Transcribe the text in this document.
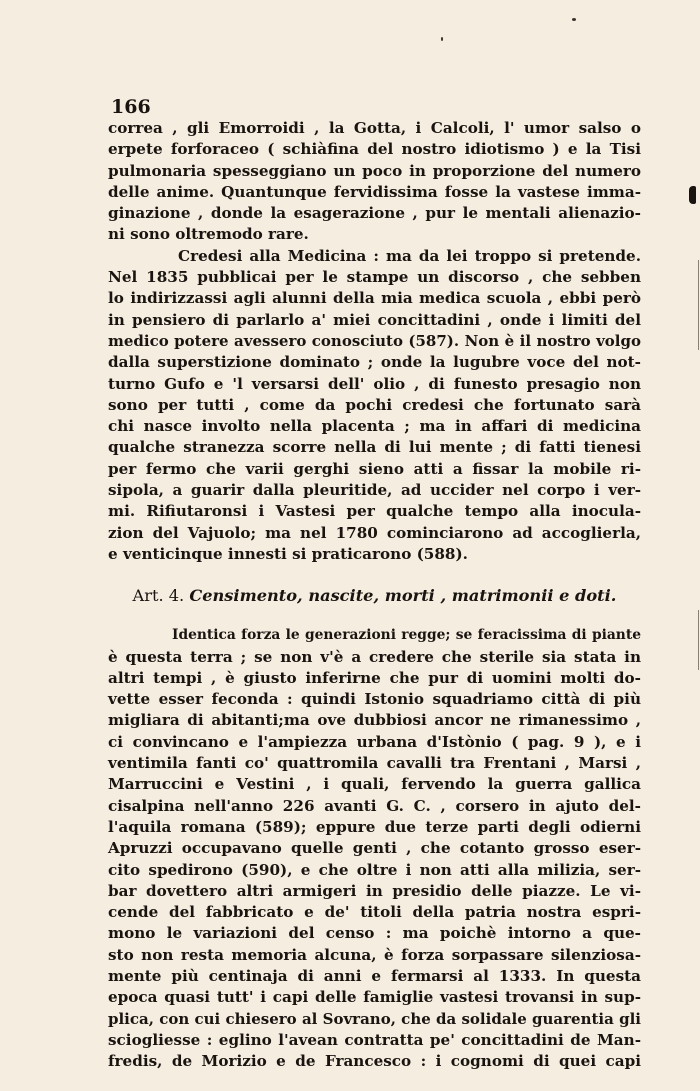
166
correa , gli Emorroidi , la Gotta, i Calcoli, l' umor salso o
erpete forforaceo ( schiàfina del nostro idiotismo ) e la Tisi
pulmonaria spesseggiano un poco in proporzione del numero
delle anime. Quantunque fervidissima fosse la vastese imma-
ginazione , donde la esagerazione , pur le mentali alienazio-
ni sono oltremodo rare.
Credesi alla Medicina : ma da lei troppo si pretende.
Nel 1835 pubblicai per le stampe un discorso , che sebben
lo indirizzassi agli alunni della mia medica scuola , ebbi però
in pensiero di parlarlo a' miei concittadini , onde i limiti del
medico potere avessero conosciuto (587). Non è il nostro volgo
dalla superstizione dominato ; onde la lugubre voce del not-
turno Gufo e 'l versarsi dell' olio , di funesto presagio non
sono per tutti , come da pochi credesi che fortunato sarà
chi nasce involto nella placenta ; ma in affari di medicina
qualche stranezza scorre nella di lui mente ; di fatti tienesi
per fermo che varii gerghi sieno atti a fissar la mobile ri-
sipola, a guarir dalla pleuritide, ad uccider nel corpo i ver-
mi. Rifiutaronsi i Vastesi per qualche tempo alla inocula-
zion del Vajuolo; ma nel 1780 cominciarono ad accoglierla,
e venticinque innesti si praticarono (588).
Art. 4. Censimento, nascite, morti , matrimonii e doti.
Identica forza le generazioni regge; se feracissima di piante
è questa terra ; se non v'è a credere che sterile sia stata in
altri tempi , è giusto inferirne che pur di uomini molti do-
vette esser feconda : quindi Istonio squadriamo città di più
migliara di abitanti;ma ove dubbiosi ancor ne rimanessimo ,
ci convincano e l'ampiezza urbana d'Istònio ( pag. 9 ), e i
ventimila fanti co' quattromila cavalli tra Frentani , Marsi ,
Marruccini e Vestini , i quali, fervendo la guerra gallica
cisalpina nell'anno 226 avanti G. C. , corsero in ajuto del-
l'aquila romana (589); eppure due terze parti degli odierni
Apruzzi occupavano quelle genti , che cotanto grosso eser-
cito spedirono (590), e che oltre i non atti alla milizia, ser-
bar dovettero altri armigeri in presidio delle piazze. Le vi-
cende del fabbricato e de' titoli della patria nostra espri-
mono le variazioni del censo : ma poichè intorno a que-
sto non resta memoria alcuna, è forza sorpassare silenziosa-
mente più centinaja di anni e fermarsi al 1333. In questa
epoca quasi tutt' i capi delle famiglie vastesi trovansi in sup-
plica, con cui chiesero al Sovrano, che da solidale guarentia gli
sciogliesse : eglino l'avean contratta pe' concittadini de Man-
fredis, de Morizio e de Francesco : i cognomi di quei capi
